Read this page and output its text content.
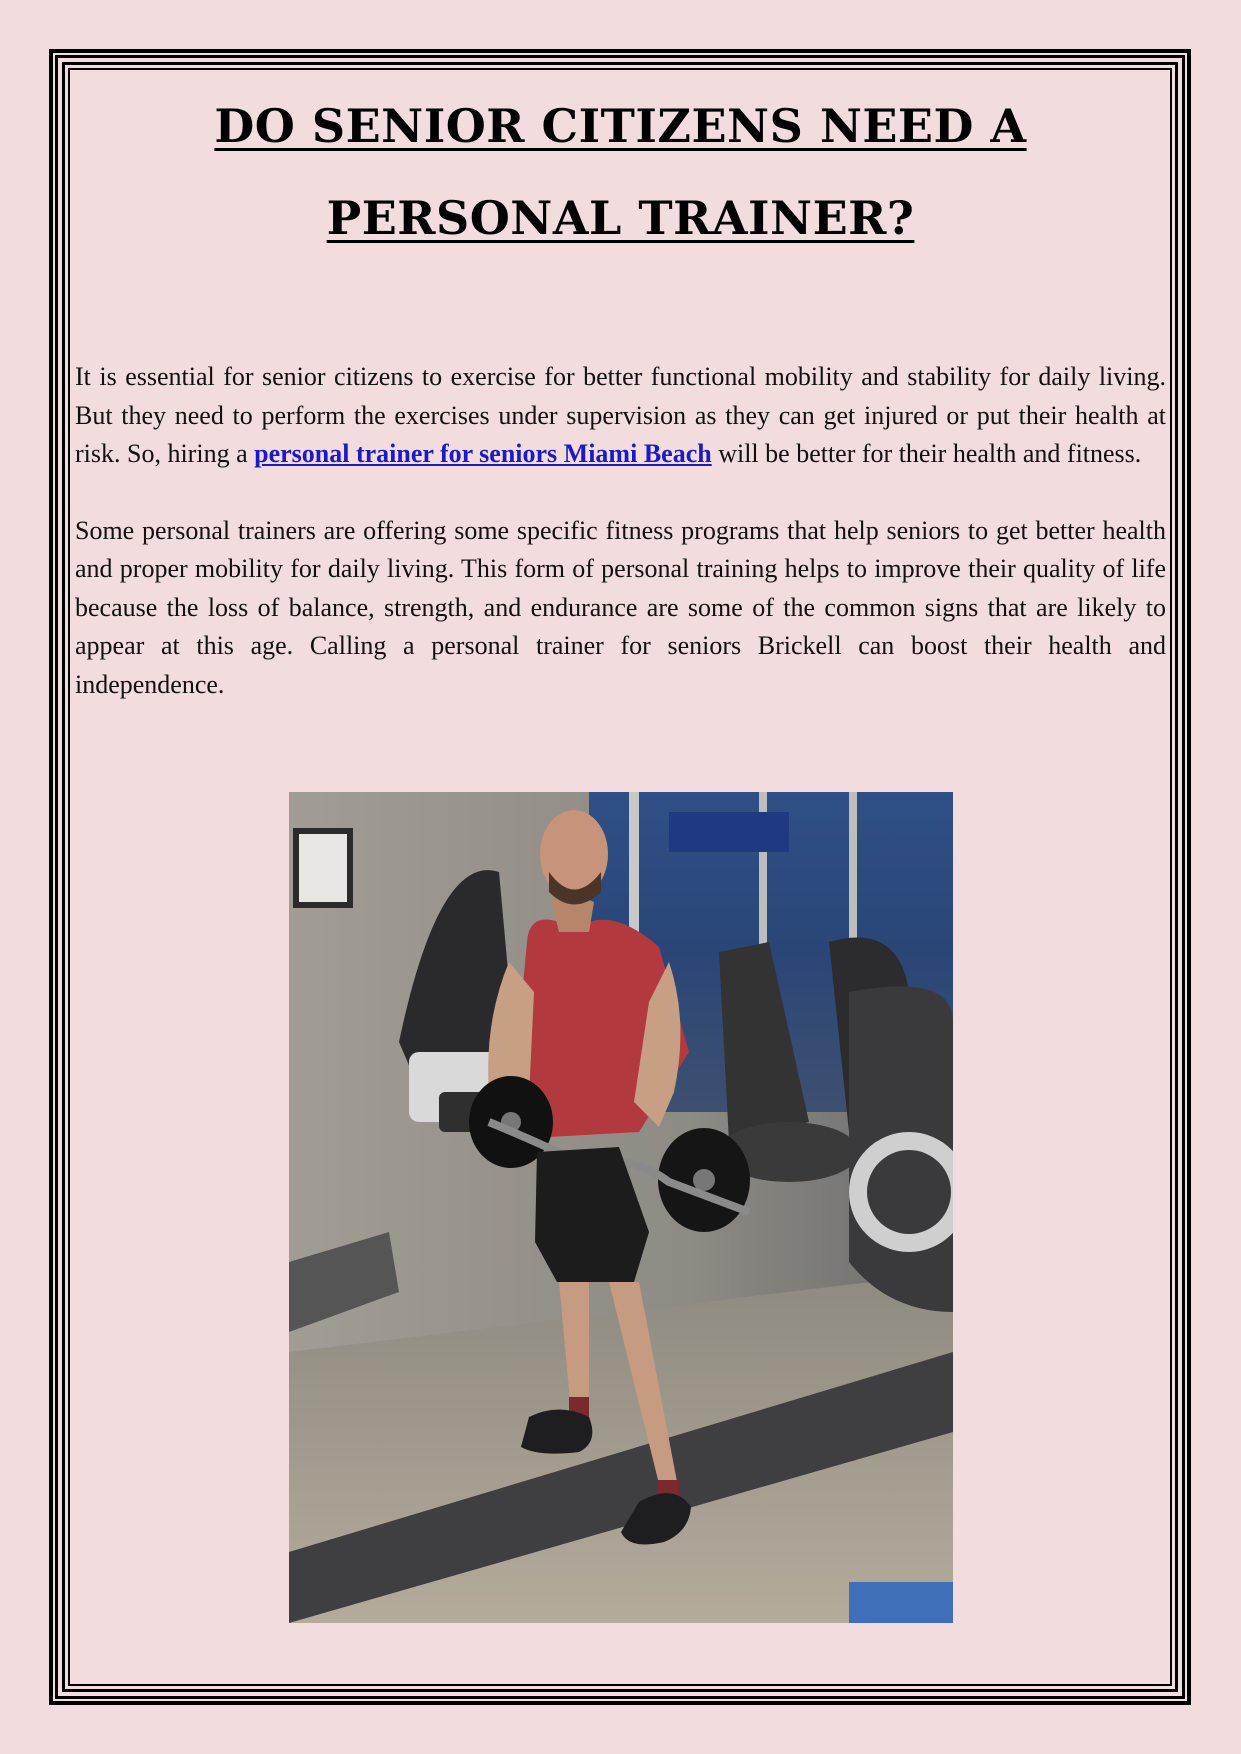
DO SENIOR CITIZENS NEED A PERSONAL TRAINER?

It is essential for senior citizens to exercise for better functional mobility and stability for daily living. But they need to perform the exercises under supervision as they can get injured or put their health at risk. So, hiring a personal trainer for seniors Miami Beach will be better for their health and fitness.

Some personal trainers are offering some specific fitness programs that help seniors to get better health and proper mobility for daily living. This form of personal training helps to improve their quality of life because the loss of balance, strength, and endurance are some of the common signs that are likely to appear at this age. Calling a personal trainer for seniors Brickell can boost their health and independence.
